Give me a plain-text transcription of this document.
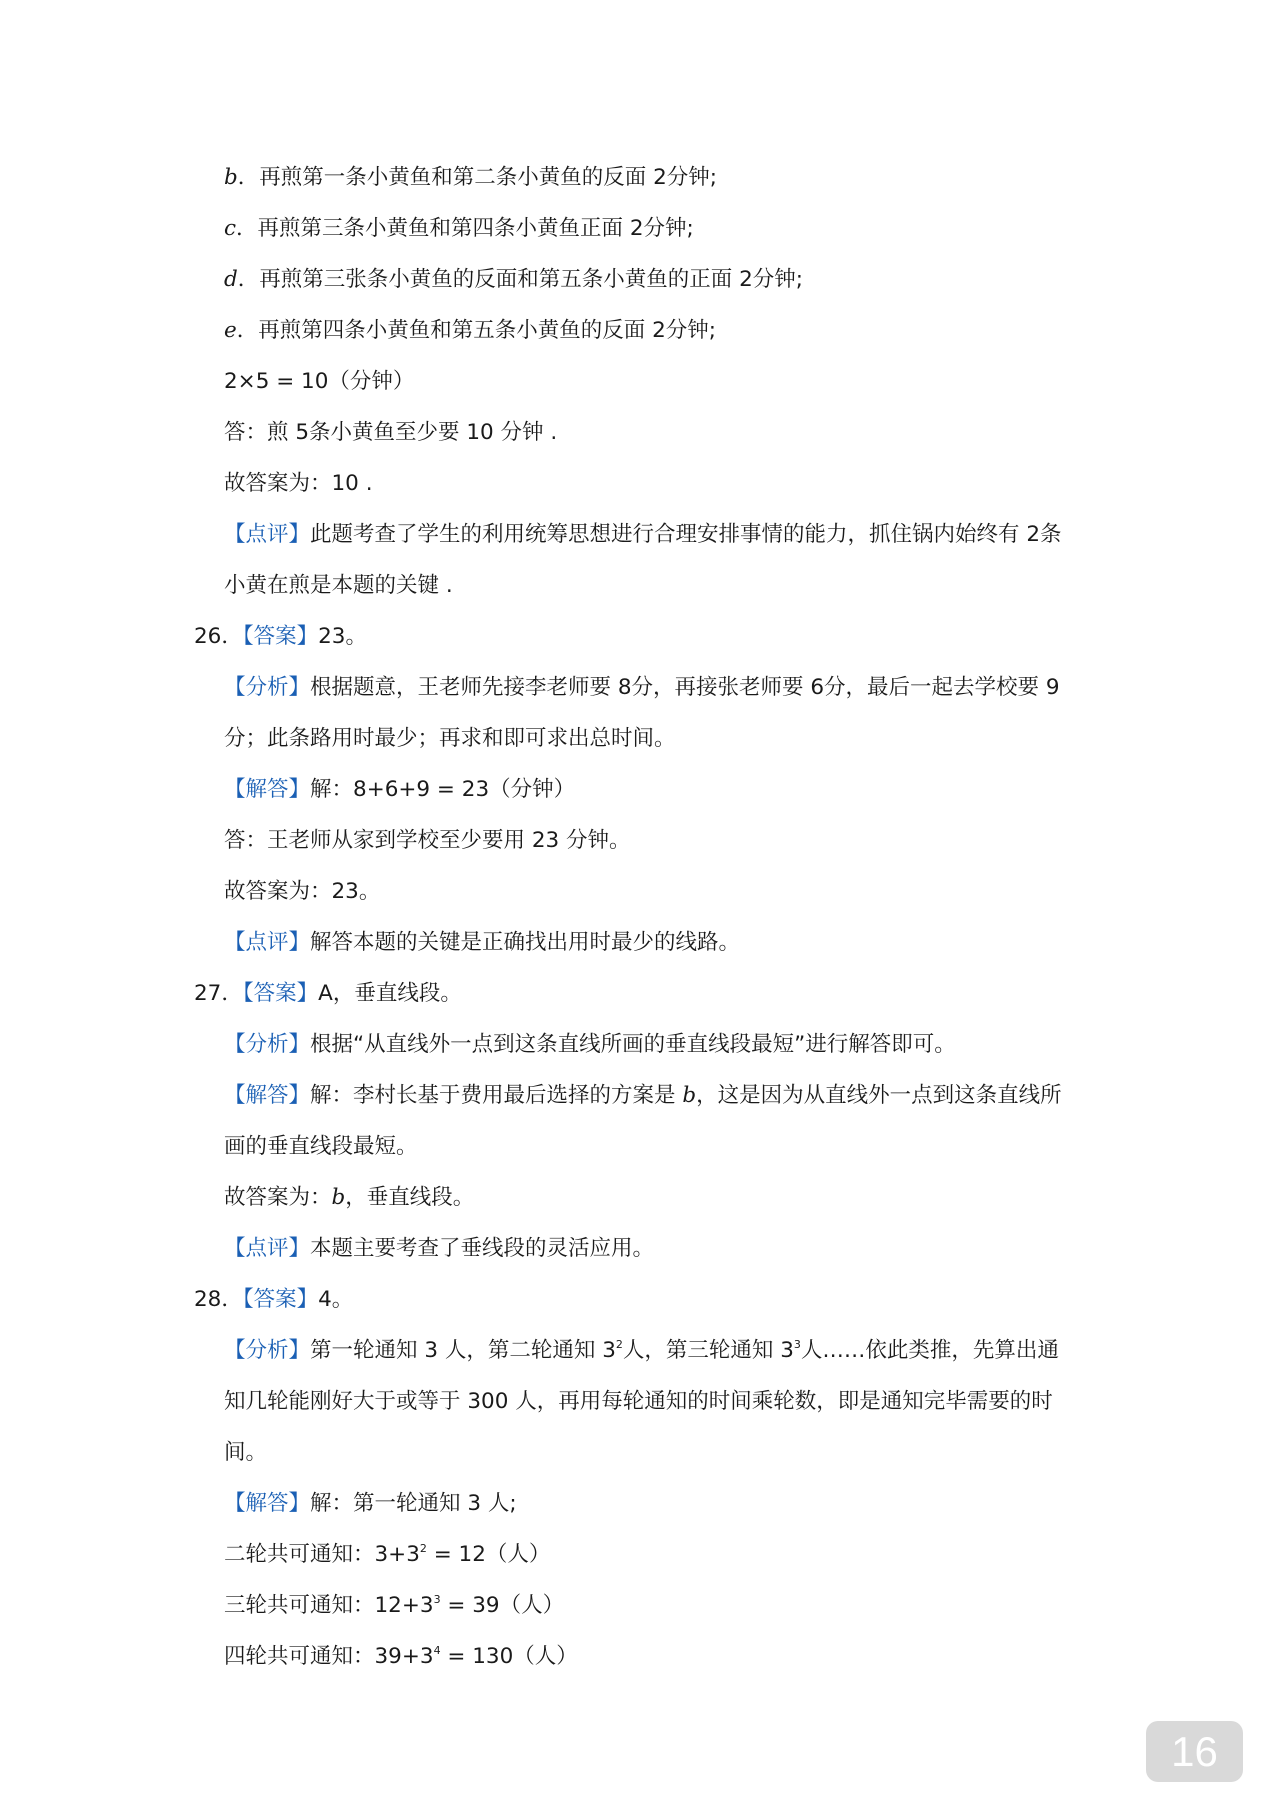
b．再煎第一条小黄鱼和第二条小黄鱼的反面 2分钟;
c．再煎第三条小黄鱼和第四条小黄鱼正面 2分钟;
d．再煎第三张条小黄鱼的反面和第五条小黄鱼的正面 2分钟;
e．再煎第四条小黄鱼和第五条小黄鱼的反面 2分钟;
2×5 = 10（分钟）
答：煎 5条小黄鱼至少要 10 分钟 .
故答案为：10 .
【点评】此题考查了学生的利用统筹思想进行合理安排事情的能力，抓住锅内始终有 2条
小黄在煎是本题的关键 .
26．【答案】23。
【分析】根据题意，王老师先接李老师要 8分，再接张老师要 6分，最后一起去学校要 9
分；此条路用时最少；再求和即可求出总时间。
【解答】解：8+6+9 = 23（分钟）
答：王老师从家到学校至少要用 23 分钟。
故答案为：23。
【点评】解答本题的关键是正确找出用时最少的线路。
27．【答案】A，垂直线段。
【分析】根据“从直线外一点到这条直线所画的垂直线段最短”进行解答即可。
【解答】解：李村长基于费用最后选择的方案是 b，这是因为从直线外一点到这条直线所
画的垂直线段最短。
故答案为：b，垂直线段。
【点评】本题主要考查了垂线段的灵活应用。
28．【答案】4。
【分析】第一轮通知 3 人，第二轮通知 $3^2$人，第三轮通知 $3^3$人……依此类推，先算出通
知几轮能刚好大于或等于 300 人，再用每轮通知的时间乘轮数，即是通知完毕需要的时
间。
【解答】解：第一轮通知 3 人;
二轮共可通知：$3+3^2 = 12$（人）
三轮共可通知：$12+3^3 = 39$（人）
四轮共可通知：$39+3^4 = 130$（人）
16
